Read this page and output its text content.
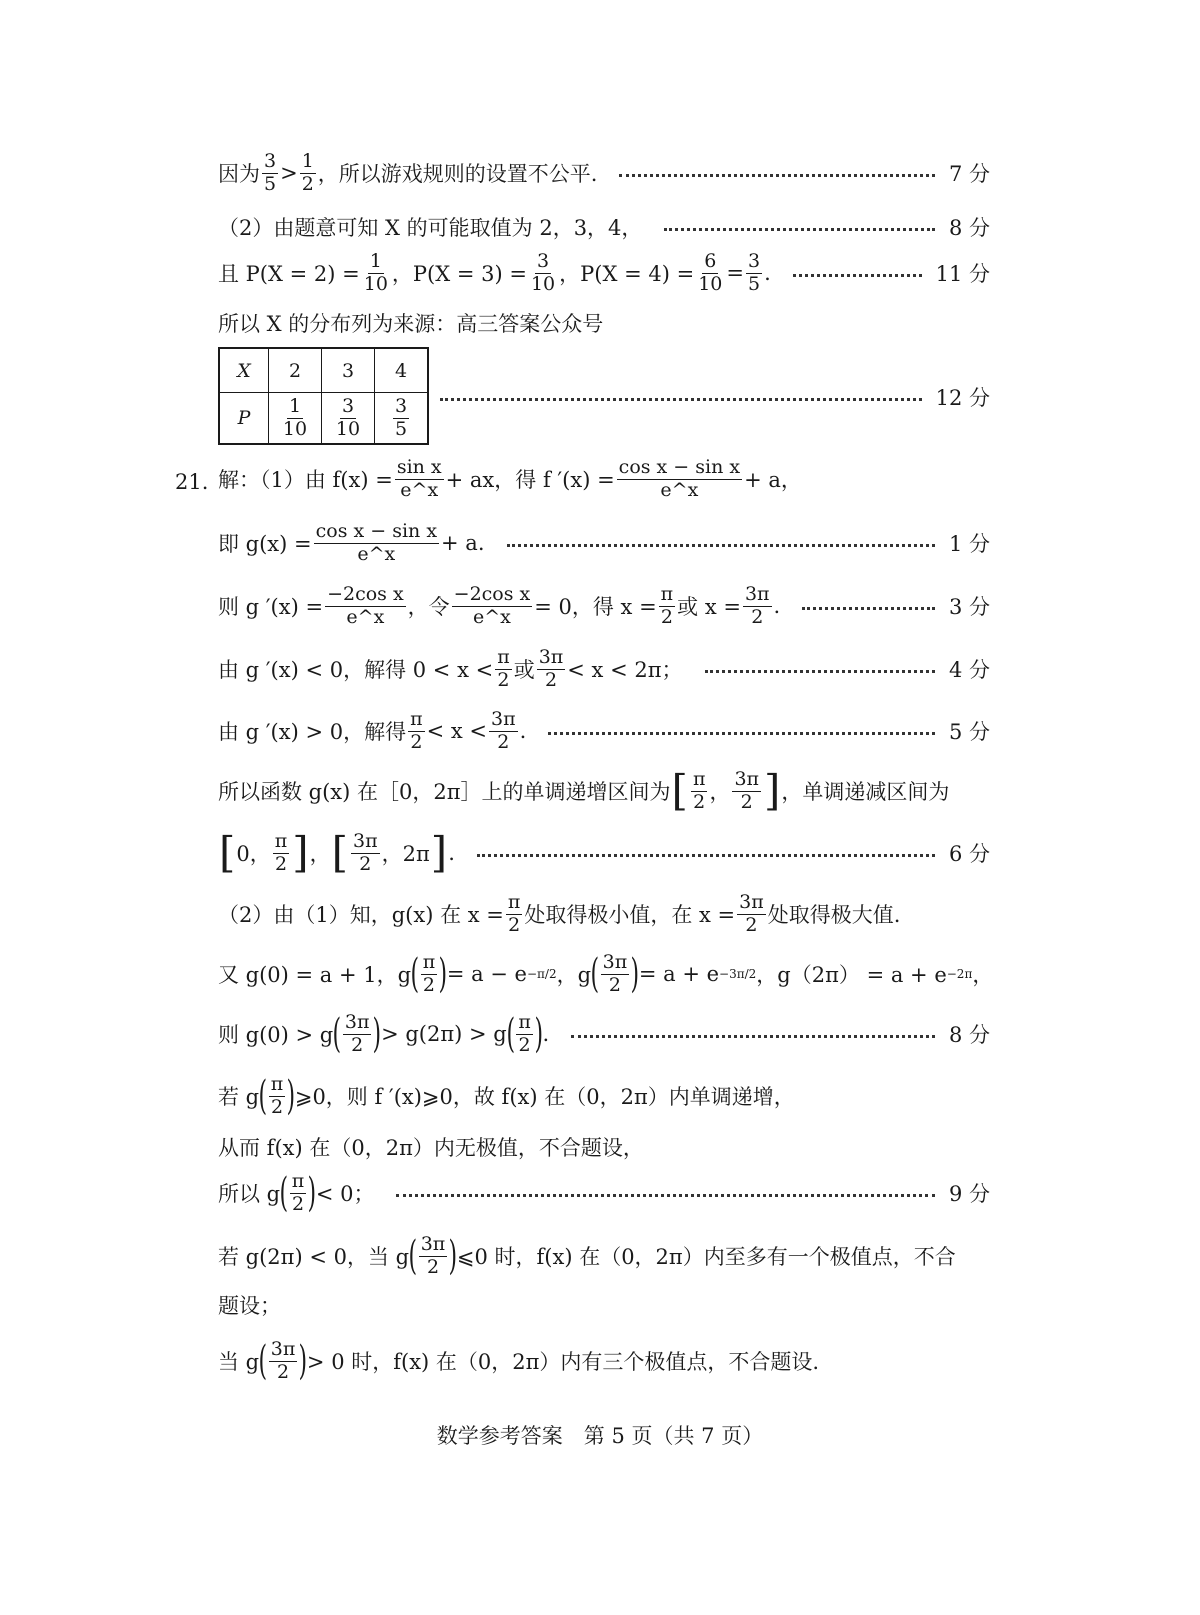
因为 $\frac{3}{5} > \frac{1}{2}$ ，所以游戏规则的设置不公平.	7 分
（2）由题意可知 X 的可能取值为 2，3，4，	8 分
且 $P(X = 2) = \frac{1}{10}$ ，$P(X = 3) = \frac{3}{10}$ ，$P(X = 4) = \frac{6}{10} = \frac{3}{5}$ .	11 分
所以 X 的分布列为来源：高三答案公众号
X	2	3	4
P	$\frac{1}{10}$	$\frac{3}{10}$	$\frac{3}{5}$	12 分
21. 解：（1）由 $f(x) = \frac{\text{sin x}}{e\^{}x}$ + ax，得 f $'(x) = \frac{\text{cos x − sin x}}{e\^{}x} + a$，
即 $g(x) = \frac{\text{cos x − sin x}}{e\^{}x} + a$.	1 分
则 g $'(x) = \frac{\text{−2cos x}}{e\^{}x}$ ，令 $\frac{\text{−2cos x}}{e\^{}x} = 0$，得 $x = \frac{\pi}{2}$ 或 $x = \frac{3\pi}{2}$ .	3 分
由 g ′(x) < 0，解得 $0 < x < \frac{\pi}{2}$ 或 $\frac{3\pi}{2} < x < 2\pi$；	4 分
由 g ′(x) > 0，解得 $\frac{\pi}{2} < x < \frac{3\pi}{2}$ .	5 分
所以函数 g(x) 在［0，2π］上的单调递增区间为 [ $\frac{\pi}{2}$ ， $\frac{3\pi}{2}$ ] ，单调递减区间为
[ 0， $\frac{\pi}{2}$ ] ， [ $\frac{3\pi}{2}$ ，2π ] .	6 分
（2）由（1）知，g(x) 在 $x = \frac{\pi}{2}$ 处取得极小值，在 $x = \frac{3\pi}{2}$ 处取得极大值.
又 g(0) = a + 1，g ( $\frac{\pi}{2}$ ) = a − e −π/2 ，g ( $\frac{3\pi}{2}$ ) = a + e −3π/2 ，g（2π） = a + e −2π ，
则 g(0) > g ( $\frac{3\pi}{2}$ ) > g(2π) > g ( $\frac{\pi}{2}$ ) .	8 分
若 g ( $\frac{\pi}{2}$ ) ⩾0，则 f ′(x)⩾0，故 f(x) 在（0，2π）内单调递增，
从而 f(x) 在（0，2π）内无极值，不合题设，
所以 g ( $\frac{\pi}{2}$ ) < 0；	9 分
若 g(2π) < 0，当 g ( $\frac{3\pi}{2}$ ) ⩽0 时，f(x) 在（0，2π）内至多有一个极值点，不合
题设；
当 g ( $\frac{3\pi}{2}$ ) > 0 时，f(x) 在（0，2π）内有三个极值点，不合题设.
数学参考答案　第 5 页（共 7 页）
